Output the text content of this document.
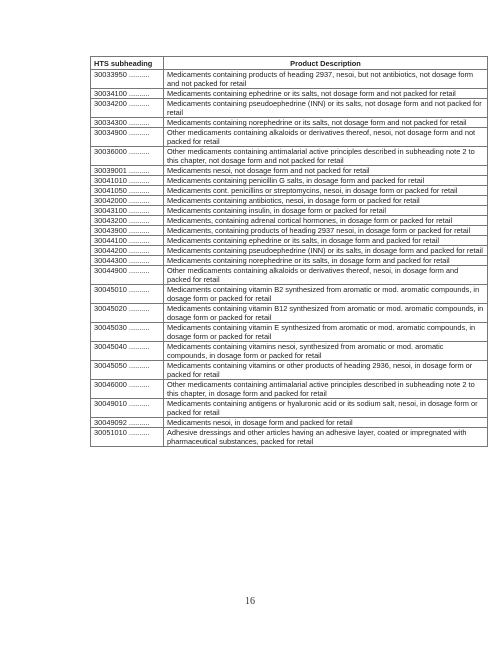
HTS subheading	Product Description
30033950 ..........	Medicaments containing products of heading 2937, nesoi, but not antibiotics, not dosage form and not packed for retail
30034100 ..........	Medicaments containing ephedrine or its salts, not dosage form and not packed for retail
30034200 ..........	Medicaments containing pseudoephedrine (INN) or its salts, not dosage form and not packed for retail
30034300 ..........	Medicaments containing norephedrine or its salts, not dosage form and not packed for retail
30034900 ..........	Other medicaments containing alkaloids or derivatives thereof, nesoi, not dosage form and not packed for retail
30036000 ..........	Other medicaments containing antimalarial active principles described in subheading note 2 to this chapter, not dosage form and not packed for retail
30039001 ..........	Medicaments nesoi, not dosage form and not packed for retail
30041010 ..........	Medicaments containing penicillin G salts, in dosage form and packed for retail
30041050 ..........	Medicaments cont. penicillins or streptomycins, nesoi, in dosage form or packed for retail
30042000 ..........	Medicaments containing antibiotics, nesoi, in dosage form or packed for retail
30043100 ..........	Medicaments containing insulin, in dosage form or packed for retail
30043200 ..........	Medicaments, containing adrenal cortical hormones, in dosage form or packed for retail
30043900 ..........	Medicaments, containing products of heading 2937 nesoi, in dosage form or packed for retail
30044100 ..........	Medicaments containing ephedrine or its salts, in dosage form and packed for retail
30044200 ..........	Medicaments containing pseudoephedrine (INN) or its salts, in dosage form and packed for retail
30044300 ..........	Medicaments containing norephedrine or its salts, in dosage form and packed for retail
30044900 ..........	Other medicaments containing alkaloids or derivatives thereof, nesoi, in dosage form and packed for retail
30045010 ..........	Medicaments containing vitamin B2 synthesized from aromatic or mod. aromatic compounds, in dosage form or packed for retail
30045020 ..........	Medicaments containing vitamin B12 synthesized from aromatic or mod. aromatic compounds, in dosage form or packed for retail
30045030 ..........	Medicaments containing vitamin E synthesized from aromatic or mod. aromatic compounds, in dosage form or packed for retail
30045040 ..........	Medicaments containing vitamins nesoi, synthesized from aromatic or mod. aromatic compounds, in dosage form or packed for retail
30045050 ..........	Medicaments containing vitamins or other products of heading 2936, nesoi, in dosage form or packed for retail
30046000 ..........	Other medicaments containing antimalarial active principles described in subheading note 2 to this chapter, in dosage form and packed for retail
30049010 ..........	Medicaments containing antigens or hyaluronic acid or its sodium salt, nesoi, in dosage form or packed for retail
30049092 ..........	Medicaments nesoi, in dosage form and packed for retail
30051010 ..........	Adhesive dressings and other articles having an adhesive layer, coated or impregnated with pharmaceutical substances, packed for retail
16
